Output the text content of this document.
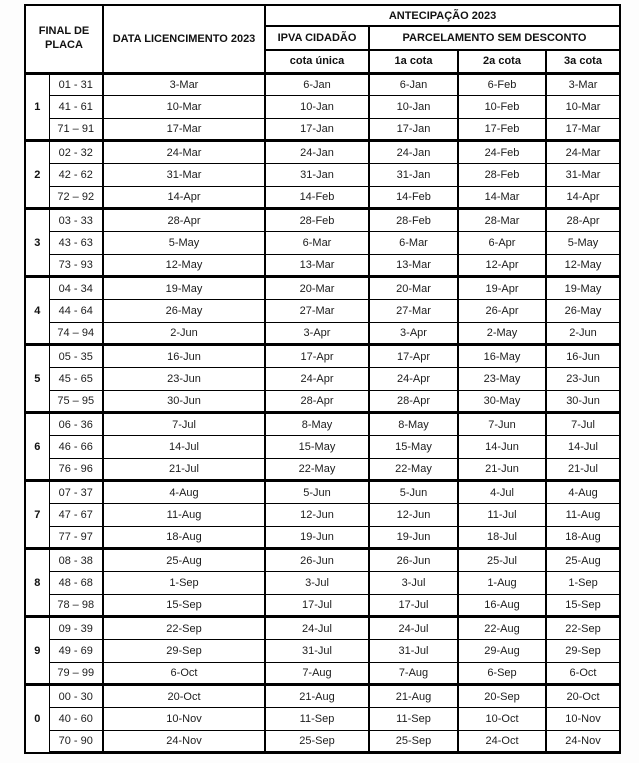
FINAL DE PLACA		DATA LICENCIMENTO 2023	ANTECIPAÇÃO 2023			
			IPVA CIDADÃO	PARCELAMENTO SEM DESCONTO		
			cota única	1a cota	2a cota	3a cota
1	01 - 31	3-Mar	6-Jan	6-Jan	6-Feb	3-Mar
	41 - 61	10-Mar	10-Jan	10-Jan	10-Feb	10-Mar
	71 – 91	17-Mar	17-Jan	17-Jan	17-Feb	17-Mar
2	02 - 32	24-Mar	24-Jan	24-Jan	24-Feb	24-Mar
	42 - 62	31-Mar	31-Jan	31-Jan	28-Feb	31-Mar
	72 – 92	14-Apr	14-Feb	14-Feb	14-Mar	14-Apr
3	03 - 33	28-Apr	28-Feb	28-Feb	28-Mar	28-Apr
	43 - 63	5-May	6-Mar	6-Mar	6-Apr	5-May
	73 - 93	12-May	13-Mar	13-Mar	12-Apr	12-May
4	04 - 34	19-May	20-Mar	20-Mar	19-Apr	19-May
	44 - 64	26-May	27-Mar	27-Mar	26-Apr	26-May
	74 – 94	2-Jun	3-Apr	3-Apr	2-May	2-Jun
5	05 - 35	16-Jun	17-Apr	17-Apr	16-May	16-Jun
	45 - 65	23-Jun	24-Apr	24-Apr	23-May	23-Jun
	75 – 95	30-Jun	28-Apr	28-Apr	30-May	30-Jun
6	06 - 36	7-Jul	8-May	8-May	7-Jun	7-Jul
	46 - 66	14-Jul	15-May	15-May	14-Jun	14-Jul
	76 - 96	21-Jul	22-May	22-May	21-Jun	21-Jul
7	07 - 37	4-Aug	5-Jun	5-Jun	4-Jul	4-Aug
	47 - 67	11-Aug	12-Jun	12-Jun	11-Jul	11-Aug
	77 - 97	18-Aug	19-Jun	19-Jun	18-Jul	18-Aug
8	08 - 38	25-Aug	26-Jun	26-Jun	25-Jul	25-Aug
	48 - 68	1-Sep	3-Jul	3-Jul	1-Aug	1-Sep
	78 – 98	15-Sep	17-Jul	17-Jul	16-Aug	15-Sep
9	09 - 39	22-Sep	24-Jul	24-Jul	22-Aug	22-Sep
	49 - 69	29-Sep	31-Jul	31-Jul	29-Aug	29-Sep
	79 – 99	6-Oct	7-Aug	7-Aug	6-Sep	6-Oct
0	00 - 30	20-Oct	21-Aug	21-Aug	20-Sep	20-Oct
	40 - 60	10-Nov	11-Sep	11-Sep	10-Oct	10-Nov
	70 - 90	24-Nov	25-Sep	25-Sep	24-Oct	24-Nov
